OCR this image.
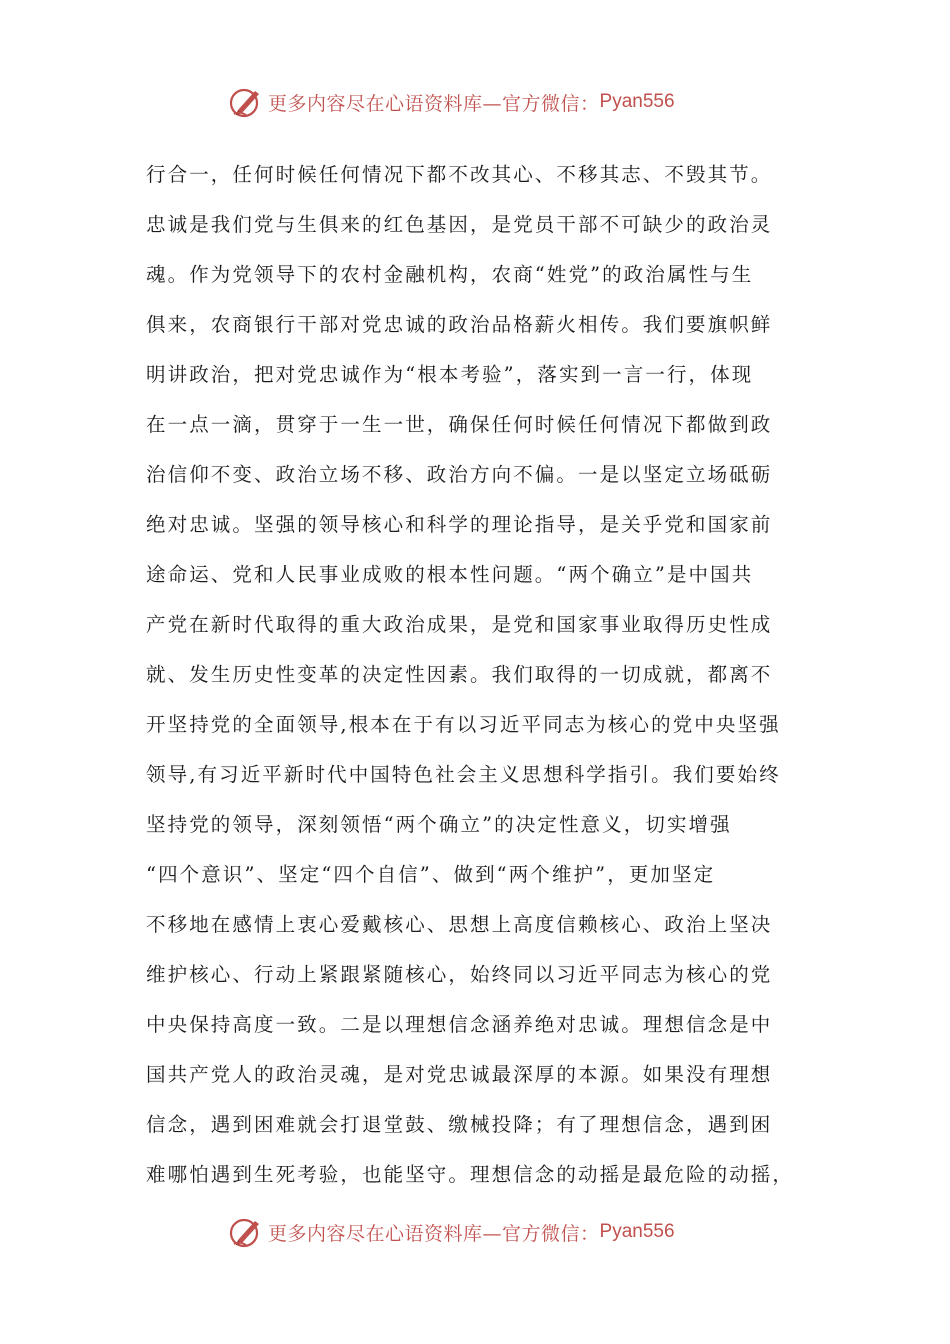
更多内容尽在心语资料库—官方微信： Pyan556
行合一，任何时候任何情况下都不改其心、不移其志、不毁其节。
忠诚是我们党与生俱来的红色基因，是党员干部不可缺少的政治灵
魂。作为党领导下的农村金融机构，农商“姓党”的政治属性与生
俱来，农商银行干部对党忠诚的政治品格薪火相传。我们要旗帜鲜
明讲政治，把对党忠诚作为“根本考验”，落实到一言一行，体现
在一点一滴，贯穿于一生一世，确保任何时候任何情况下都做到政
治信仰不变、政治立场不移、政治方向不偏。一是以坚定立场砥砺
绝对忠诚。坚强的领导核心和科学的理论指导，是关乎党和国家前
途命运、党和人民事业成败的根本性问题。“两个确立”是中国共
产党在新时代取得的重大政治成果，是党和国家事业取得历史性成
就、发生历史性变革的决定性因素。我们取得的一切成就，都离不
开坚持党的全面领导,根本在于有以习近平同志为核心的党中央坚强
领导,有习近平新时代中国特色社会主义思想科学指引。我们要始终
坚持党的领导，深刻领悟“两个确立”的决定性意义，切实增强
“四个意识”、坚定“四个自信”、做到“两个维护”，更加坚定
不移地在感情上衷心爱戴核心、思想上高度信赖核心、政治上坚决
维护核心、行动上紧跟紧随核心，始终同以习近平同志为核心的党
中央保持高度一致。二是以理想信念涵养绝对忠诚。理想信念是中
国共产党人的政治灵魂，是对党忠诚最深厚的本源。如果没有理想
信念，遇到困难就会打退堂鼓、缴械投降；有了理想信念，遇到困
难哪怕遇到生死考验，也能坚守。理想信念的动摇是最危险的动摇，
更多内容尽在心语资料库—官方微信： Pyan556
